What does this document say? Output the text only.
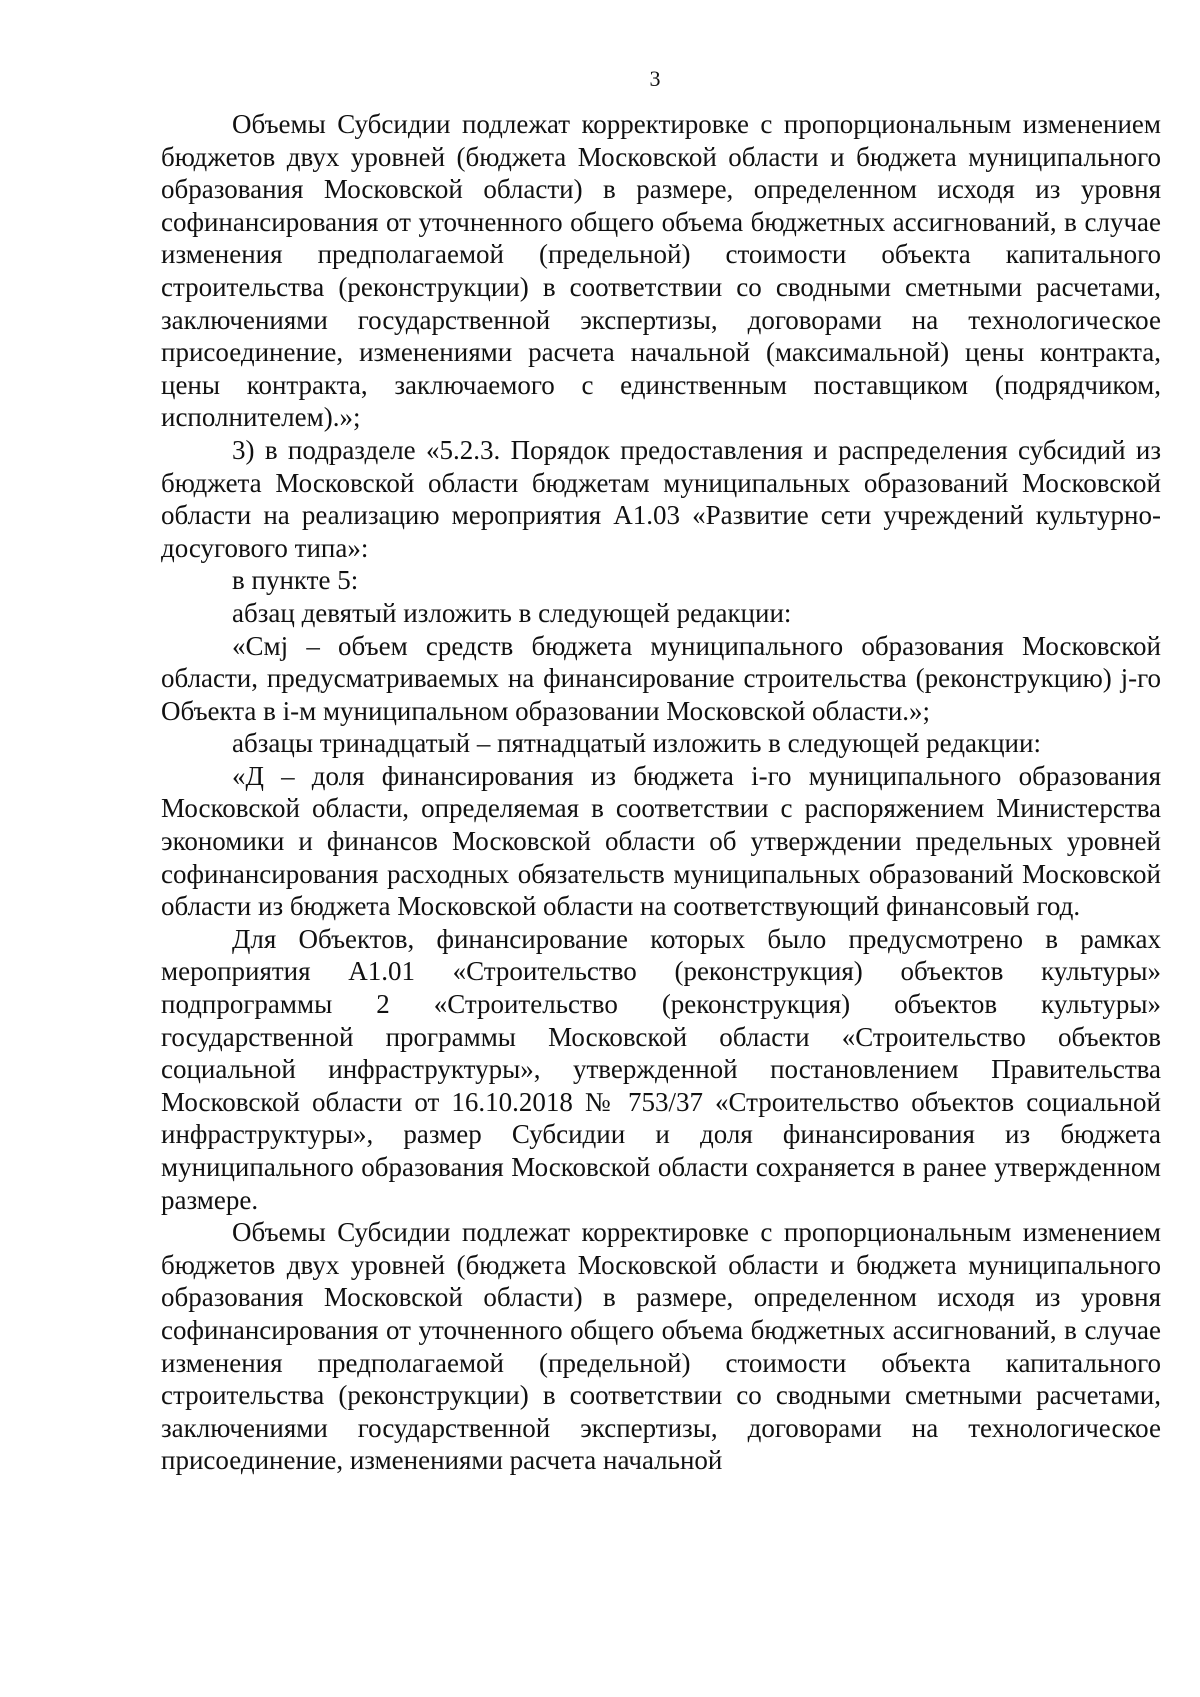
3

Объемы Субсидии подлежат корректировке с пропорциональным изменением бюджетов двух уровней (бюджета Московской области и бюджета муниципального образования Московской области) в размере, определенном исходя из уровня софинансирования от уточненного общего объема бюджетных ассигнований, в случае изменения предполагаемой (предельной) стоимости объекта капитального строительства (реконструкции) в соответствии со сводными сметными расчетами, заключениями государственной экспертизы, договорами на технологическое присоединение, изменениями расчета начальной (максимальной) цены контракта, цены контракта, заключаемого с единственным поставщиком (подрядчиком, исполнителем).»;

3) в подразделе «5.2.3. Порядок предоставления и распределения субсидий из бюджета Московской области бюджетам муниципальных образований Московской области на реализацию мероприятия А1.03 «Развитие сети учреждений культурно-досугового типа»:

в пункте 5:

абзац девятый изложить в следующей редакции:

«Смj – объем средств бюджета муниципального образования Московской области, предусматриваемых на финансирование строительства (реконструкцию) j-го Объекта в i-м муниципальном образовании Московской области.»;

абзацы тринадцатый – пятнадцатый изложить в следующей редакции:

«Д – доля финансирования из бюджета i-го муниципального образования Московской области, определяемая в соответствии с распоряжением Министерства экономики и финансов Московской области об утверждении предельных уровней софинансирования расходных обязательств муниципальных образований Московской области из бюджета Московской области на соответствующий финансовый год.

Для Объектов, финансирование которых было предусмотрено в рамках мероприятия А1.01 «Строительство (реконструкция) объектов культуры» подпрограммы 2 «Строительство (реконструкция) объектов культуры» государственной программы Московской области «Строительство объектов социальной инфраструктуры», утвержденной постановлением Правительства Московской области от 16.10.2018 № 753/37 «Строительство объектов социальной инфраструктуры», размер Субсидии и доля финансирования из бюджета муниципального образования Московской области сохраняется в ранее утвержденном размере.

Объемы Субсидии подлежат корректировке с пропорциональным изменением бюджетов двух уровней (бюджета Московской области и бюджета муниципального образования Московской области) в размере, определенном исходя из уровня софинансирования от уточненного общего объема бюджетных ассигнований, в случае изменения предполагаемой (предельной) стоимости объекта капитального строительства (реконструкции) в соответствии со сводными сметными расчетами, заключениями государственной экспертизы, договорами на технологическое присоединение, изменениями расчета начальной
